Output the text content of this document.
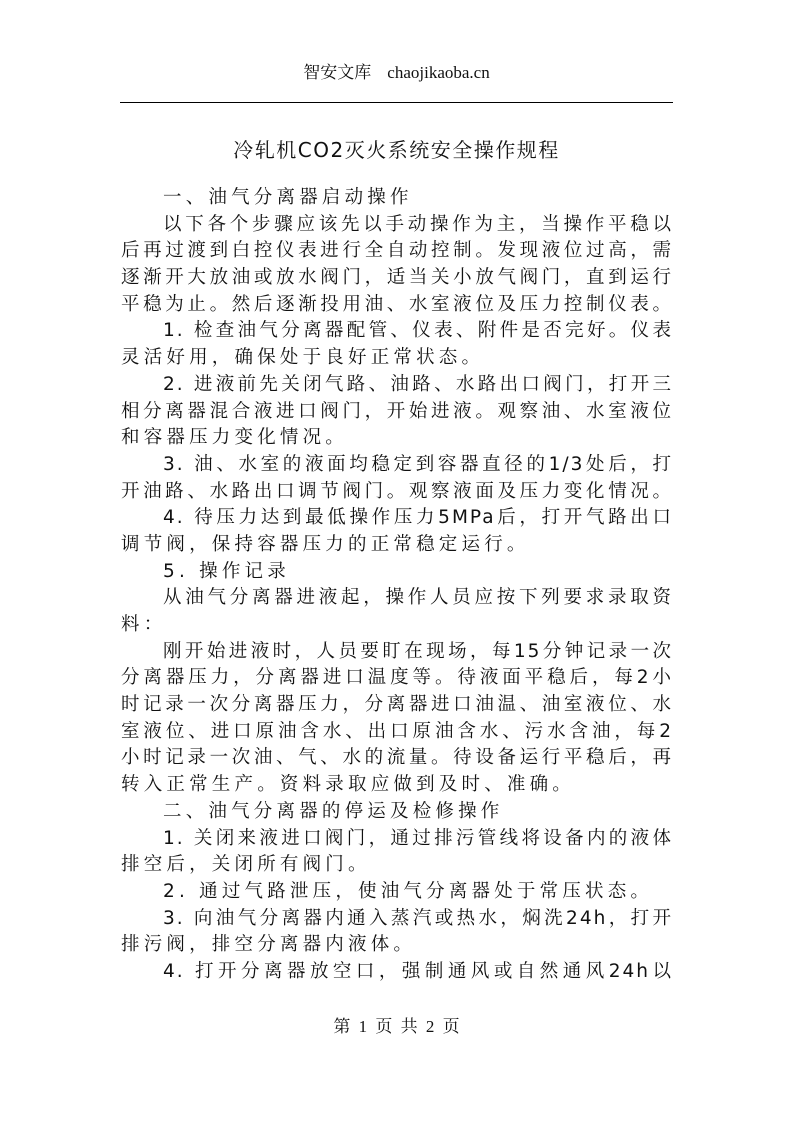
智安文库 chaojikaoba.cn
冷轧机CO2灭火系统安全操作规程
一、油气分离器启动操作
以下各个步骤应该先以手动操作为主，当操作平稳以
后再过渡到白控仪表进行全自动控制。发现液位过高，需
逐渐开大放油或放水阀门，适当关小放气阀门，直到运行
平稳为止。然后逐渐投用油、水室液位及压力控制仪表。
1. 检查油气分离器配管、仪表、附件是否完好。仪表
灵活好用，确保处于良好正常状态。
2. 进液前先关闭气路、油路、水路出口阀门，打开三
相分离器混合液进口阀门，开始进液。观察油、水室液位
和容器压力变化情况。
3. 油、水室的液面均稳定到容器直径的1/3处后，打
开油路、水路出口调节阀门。观察液面及压力变化情况。
4. 待压力达到最低操作压力5MPa后，打开气路出口
调节阀，保持容器压力的正常稳定运行。
5. 操作记录
从油气分离器进液起，操作人员应按下列要求录取资
料：
刚开始进液时，人员要盯在现场，每15分钟记录一次
分离器压力，分离器进口温度等。待液面平稳后，每2小
时记录一次分离器压力，分离器进口油温、油室液位、水
室液位、进口原油含水、出口原油含水、污水含油，每2
小时记录一次油、气、水的流量。待设备运行平稳后，再
转入正常生产。资料录取应做到及时、准确。
二、油气分离器的停运及检修操作
1. 关闭来液进口阀门，通过排污管线将设备内的液体
排空后，关闭所有阀门。
2. 通过气路泄压，使油气分离器处于常压状态。
3. 向油气分离器内通入蒸汽或热水，焖洗24h，打开
排污阀，排空分离器内液体。
4. 打开分离器放空口，强制通风或自然通风24h以
第 1 页 共 2 页
